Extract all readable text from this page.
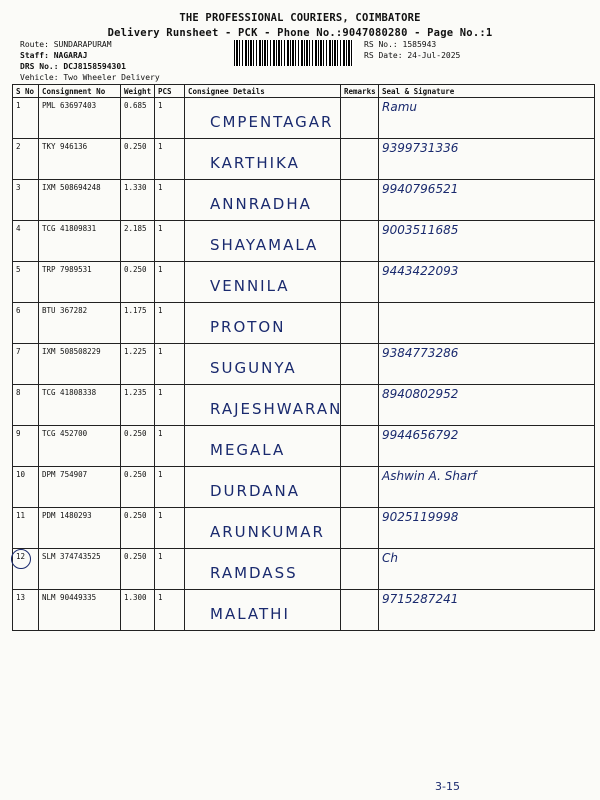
THE PROFESSIONAL COURIERS, COIMBATORE
Delivery Runsheet - PCK - Phone No.:9047080280 - Page No.:1
Route: SUNDARAPURAM
Staff: NAGARAJ
DRS No.: DCJ8158594301
Vehicle: Two Wheeler Delivery
RS No.: 1585943
RS Date: 24-Jul-2025
S No	Consignment No	Weight	PCS	Consignee Details	Remarks	Seal & Signature
1	PML 63697403	0.685	1	CMPENTAGAR		Ramu

2	TKY 946136	0.250	1	KARTHIKA		9399731336

3	IXM 508694248	1.330	1	ANNRADHA		9940796521

4	TCG 41809831	2.185	1	SHAYAMALA		9003511685

5	TRP 7989531	0.250	1	VENNILA		9443422093

6	BTU 367282	1.175	1	PROTON		

7	IXM 508508229	1.225	1	SUGUNYA		9384773286

8	TCG 41808338	1.235	1	RAJESHWARAN		8940802952

9	TCG 452700	0.250	1	MEGALA		9944656792

10	DPM 754907	0.250	1	DURDANA		Ashwin A. Sharf

11	PDM 1480293	0.250	1	ARUNKUMAR		9025119998

12	SLM 374743525	0.250	1	RAMDASS		Ch

13	NLM 90449335	1.300	1	MALATHI		9715287241
3-15
